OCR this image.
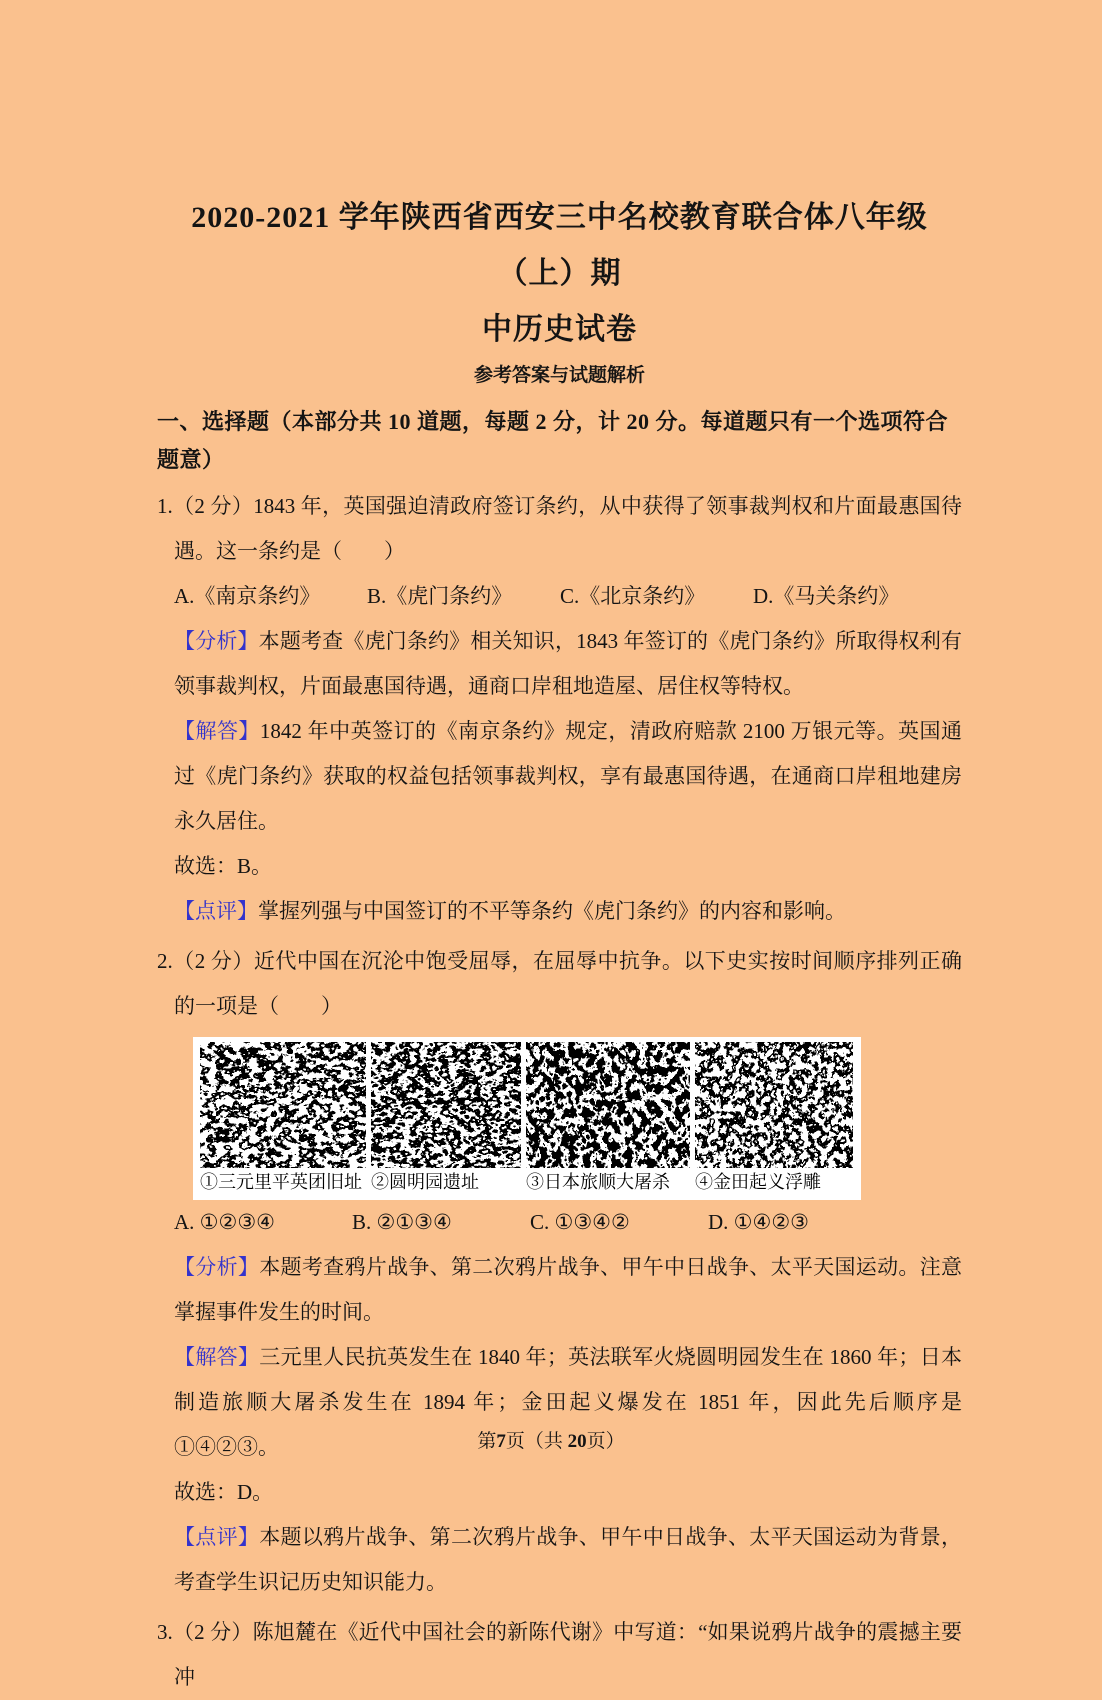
2020-2021 学年陕西省西安三中名校教育联合体八年级（上）期
中历史试卷
参考答案与试题解析
一、选择题（本部分共 10 道题，每题 2 分，计 20 分。每道题只有一个选项符合题意）

1.（2 分）1843 年，英国强迫清政府签订条约，从中获得了领事裁判权和片面最惠国待遇。这一条约是（　　）

A.《南京条约》	B.《虎门条约》	C.《北京条约》	D.《马关条约》

【分析】本题考查《虎门条约》相关知识，1843 年签订的《虎门条约》所取得权利有领事裁判权，片面最惠国待遇，通商口岸租地造屋、居住权等特权。

【解答】1842 年中英签订的《南京条约》规定，清政府赔款 2100 万银元等。英国通过《虎门条约》获取的权益包括领事裁判权，享有最惠国待遇，在通商口岸租地建房永久居住。

故选：B。

【点评】掌握列强与中国签订的不平等条约《虎门条约》的内容和影响。

2.（2 分）近代中国在沉沦中饱受屈辱，在屈辱中抗争。以下史实按时间顺序排列正确的一项是（　　）

①三元里平英团旧址 ②圆明园遗址	③日本旅顺大屠杀	④金田起义浮雕
A. ①②③④	B. ②①③④	C. ①③④②	D. ①④②③

【分析】本题考查鸦片战争、第二次鸦片战争、甲午中日战争、太平天国运动。注意掌握事件发生的时间。

【解答】三元里人民抗英发生在 1840 年；英法联军火烧圆明园发生在 1860 年；日本制造旅顺大屠杀发生在 1894 年；金田起义爆发在 1851 年，因此先后顺序是①④②③。

故选：D。

【点评】本题以鸦片战争、第二次鸦片战争、甲午中日战争、太平天国运动为背景，考查学生识记历史知识能力。

3.（2 分）陈旭麓在《近代中国社会的新陈代谢》中写道：“如果说鸦片战争的震撼主要冲

第7页（共 20页）
